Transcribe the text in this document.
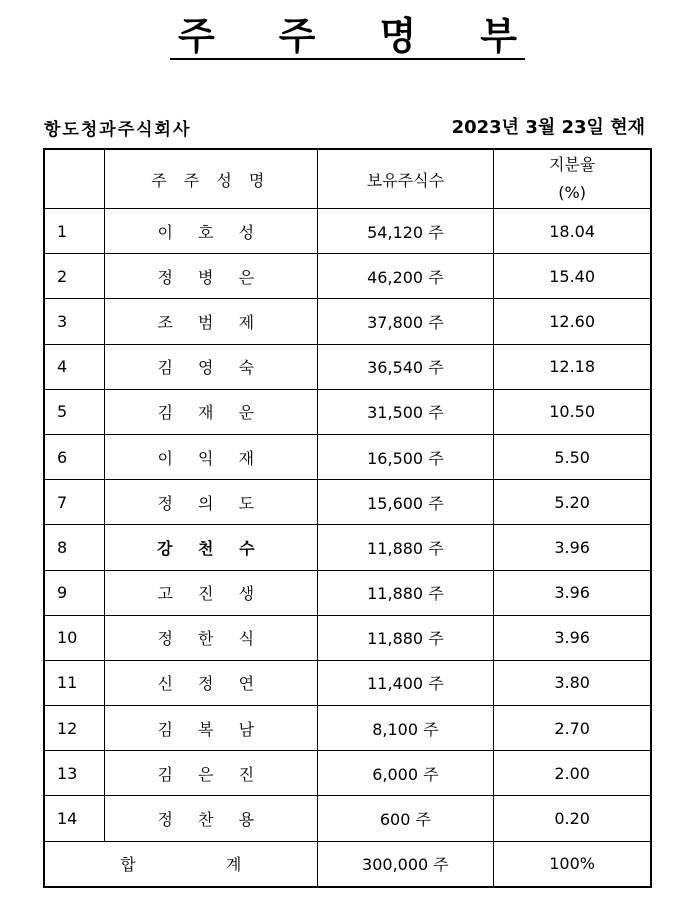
주 주 명 부
항도청과주식회사	2023년 3월 23일 현재
	주 주 성 명	보유주식수	지분율
(%)

1	이 호 성	54,120 주	18.04
2	정 병 은	46,200 주	15.40
3	조 범 제	37,800 주	12.60
4	김 영 숙	36,540 주	12.18
5	김 재 운	31,500 주	10.50
6	이 익 재	16,500 주	5.50
7	정 의 도	15,600 주	5.20
8	강 천 수	11,880 주	3.96
9	고 진 생	11,880 주	3.96
10	정 한 식	11,880 주	3.96
11	신 정 연	11,400 주	3.80
12	김 복 남	8,100 주	2.70
13	김 은 진	6,000 주	2.00
14	정 찬 용	600 주	0.20
합 계		300,000 주	100%
